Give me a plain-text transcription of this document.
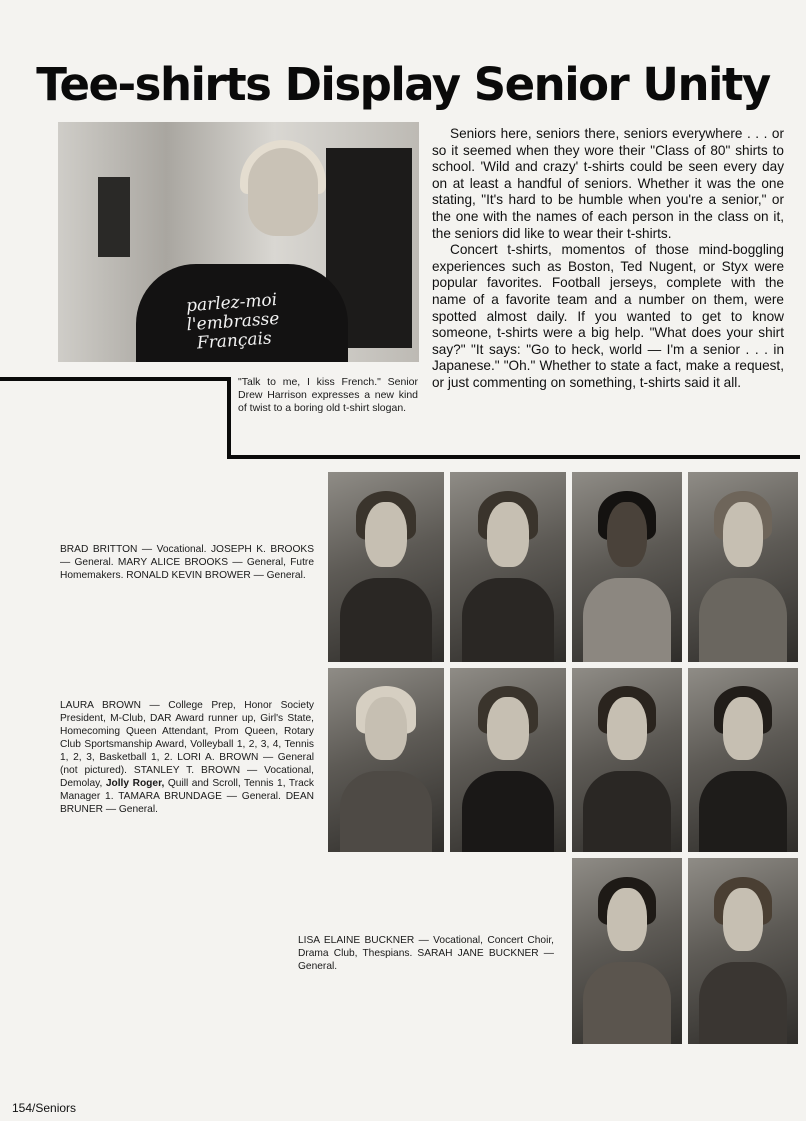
Tee-shirts Display Senior Unity
parlez-moi
l'embrasse
Français
"Talk to me, I kiss French." Senior Drew Harrison expresses a new kind of twist to a boring old t-shirt slogan.

Seniors here, seniors there, seniors everywhere . . . or so it seemed when they wore their "Class of 80" shirts to school. 'Wild and crazy' t-shirts could be seen every day on at least a handful of seniors. Whether it was the one stating, "It's hard to be humble when you're a senior," or the one with the names of each person in the class on it, the seniors did like to wear their t-shirts.

Concert t-shirts, momentos of those mind-boggling experiences such as Boston, Ted Nugent, or Styx were popular favorites. Football jerseys, complete with the name of a favorite team and a number on them, were spotted almost daily. If you wanted to get to know someone, t-shirts were a big help. "What does your shirt say?" "It says: "Go to heck, world — I'm a senior . . . in Japanese." "Oh." Whether to state a fact, make a request, or just commenting on something, t-shirts said it all.

BRAD BRITTON — Vocational. JOSEPH K. BROOKS — General. MARY ALICE BROOKS — General, Futre Homemakers. RONALD KEVIN BROWER — General.
LAURA BROWN — College Prep, Honor Society President, M-Club, DAR Award runner up, Girl's State, Homecoming Queen Attendant, Prom Queen, Rotary Club Sportsmanship Award, Volleyball 1, 2, 3, 4, Tennis 1, 2, 3, Basketball 1, 2. LORI A. BROWN — General (not pictured). STANLEY T. BROWN — Vocational, Demolay, Jolly Roger, Quill and Scroll, Tennis 1, Track Manager 1. TAMARA BRUNDAGE — General. DEAN BRUNER — General.
LISA ELAINE BUCKNER — Vocational, Concert Choir, Drama Club, Thespians. SARAH JANE BUCKNER — General.
154/Seniors
